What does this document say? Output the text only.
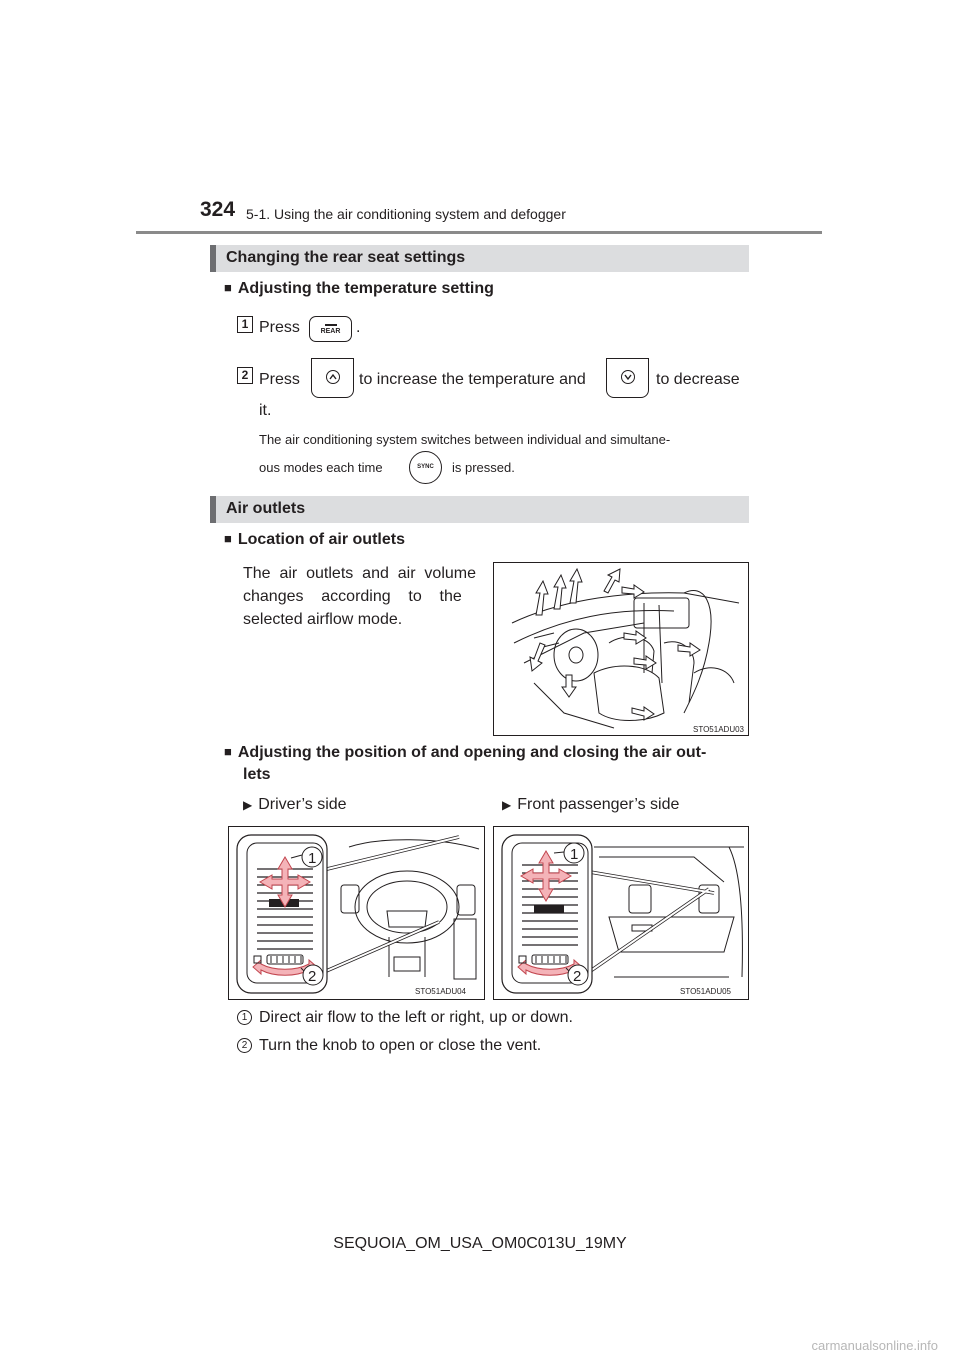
324 5-1. Using the air conditioning system and defogger
Changing the rear seat settings
■ Adjusting the temperature setting
1 Press	REAR .
2 Press	to increase the temperature and	to decrease
it.
The air conditioning system switches between individual and simultane-
ous modes each time	SYNC	is pressed.
Air outlets
■ Location of air outlets
The  air  outlets  and  air  volume
changes    according    to    the
selected airflow mode.
STO51ADU03
■ Adjusting the position of and opening and closing the air out-
lets
▶ Driver’s side	▶ Front passenger’s side
1
2
STO51ADU04
1
2
STO51ADU05
1 Direct air flow to the left or right, up or down.
2 Turn the knob to open or close the vent.
SEQUOIA_OM_USA_OM0C013U_19MY
carmanualsonline.info
